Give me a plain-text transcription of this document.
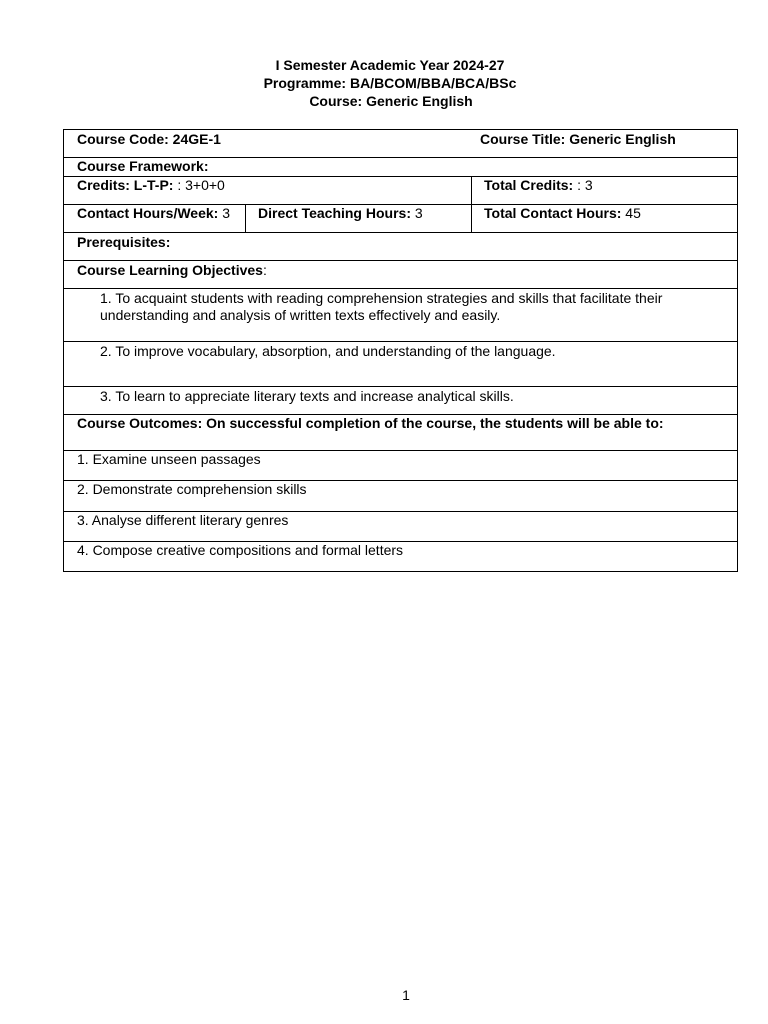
I Semester Academic Year 2024-27
Programme: BA/BCOM/BBA/BCA/BSc
Course: Generic English
Course Code: 24GE-1	Course Title: Generic English
Course Framework:
Credits: L-T-P: : 3+0+0	Total Credits: : 3
Contact Hours/Week: 3 Direct Teaching Hours: 3	Total Contact Hours: 45
Prerequisites:
Course Learning Objectives:
1. To acquaint students with reading comprehension strategies and skills that facilitate their understanding and analysis of written texts effectively and easily.
2. To improve vocabulary, absorption, and understanding of the language.
3. To learn to appreciate literary texts and increase analytical skills.
Course Outcomes: On successful completion of the course, the students will be able to:
1. Examine unseen passages
2. Demonstrate comprehension skills
3. Analyse different literary genres
4. Compose creative compositions and formal letters
1
